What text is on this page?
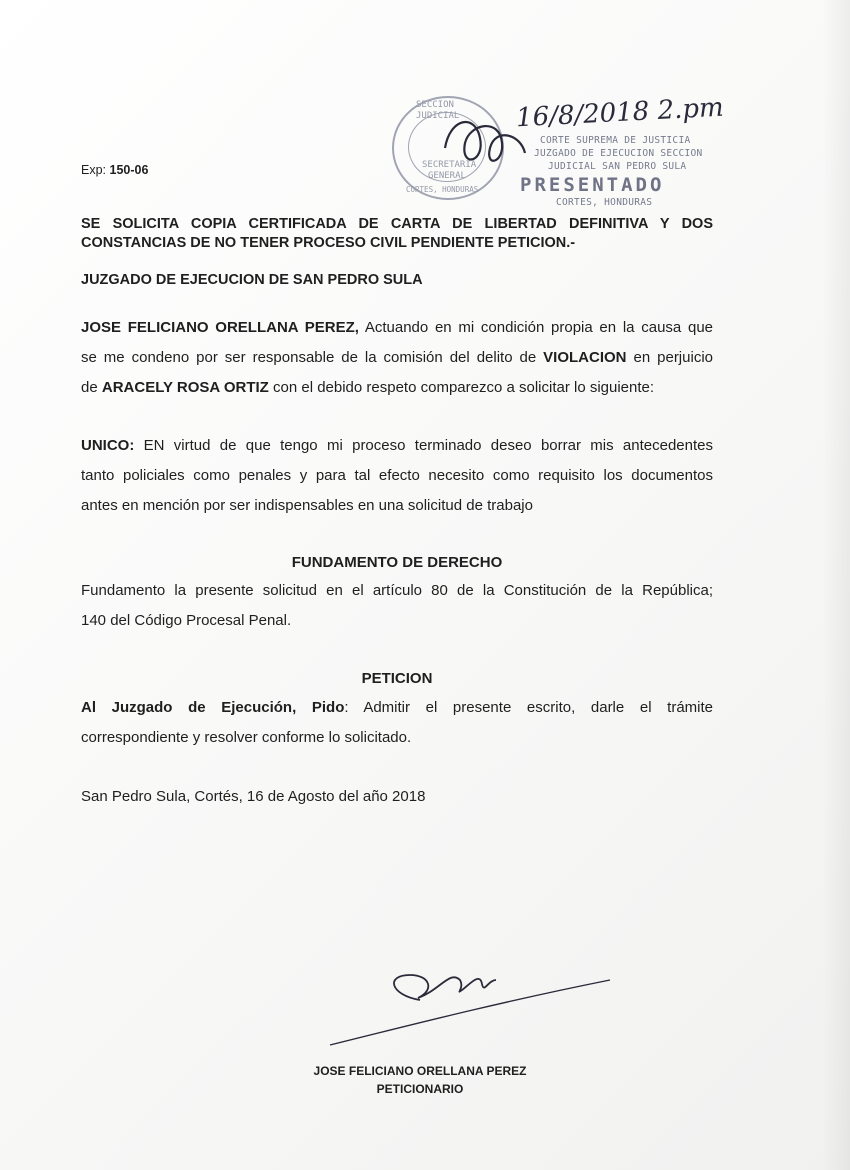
Exp: 150-06
SECCION JUDICIAL
SECRETARIA
GENERAL
CORTES, HONDURAS
16/8/2018 2.pm
CORTE SUPREMA DE JUSTICIA
JUZGADO DE EJECUCION SECCION
JUDICIAL SAN PEDRO SULA
PRESENTADO
CORTES, HONDURAS
SE SOLICITA COPIA CERTIFICADA DE CARTA DE LIBERTAD DEFINITIVA Y DOS
CONSTANCIAS DE NO TENER PROCESO CIVIL PENDIENTE PETICION.-
JUZGADO DE EJECUCION DE SAN PEDRO SULA
JOSE FELICIANO ORELLANA PEREZ, Actuando en mi condición propia en la causa que
se me condeno por ser responsable de la comisión del delito de VIOLACION en perjuicio
de ARACELY ROSA ORTIZ con el debido respeto comparezco a solicitar lo siguiente:
UNICO: EN virtud de que tengo mi proceso terminado deseo borrar mis antecedentes
tanto policiales como penales y para tal efecto necesito como requisito los documentos
antes en mención por ser indispensables en una solicitud de trabajo
FUNDAMENTO DE DERECHO
Fundamento la presente solicitud en el artículo 80 de la Constitución de la República;
140 del Código Procesal Penal.
PETICION
Al Juzgado de Ejecución, Pido: Admitir el presente escrito, darle el trámite
correspondiente y resolver conforme lo solicitado.
San Pedro Sula, Cortés, 16 de Agosto del año 2018
JOSE FELICIANO ORELLANA PEREZ
PETICIONARIO
